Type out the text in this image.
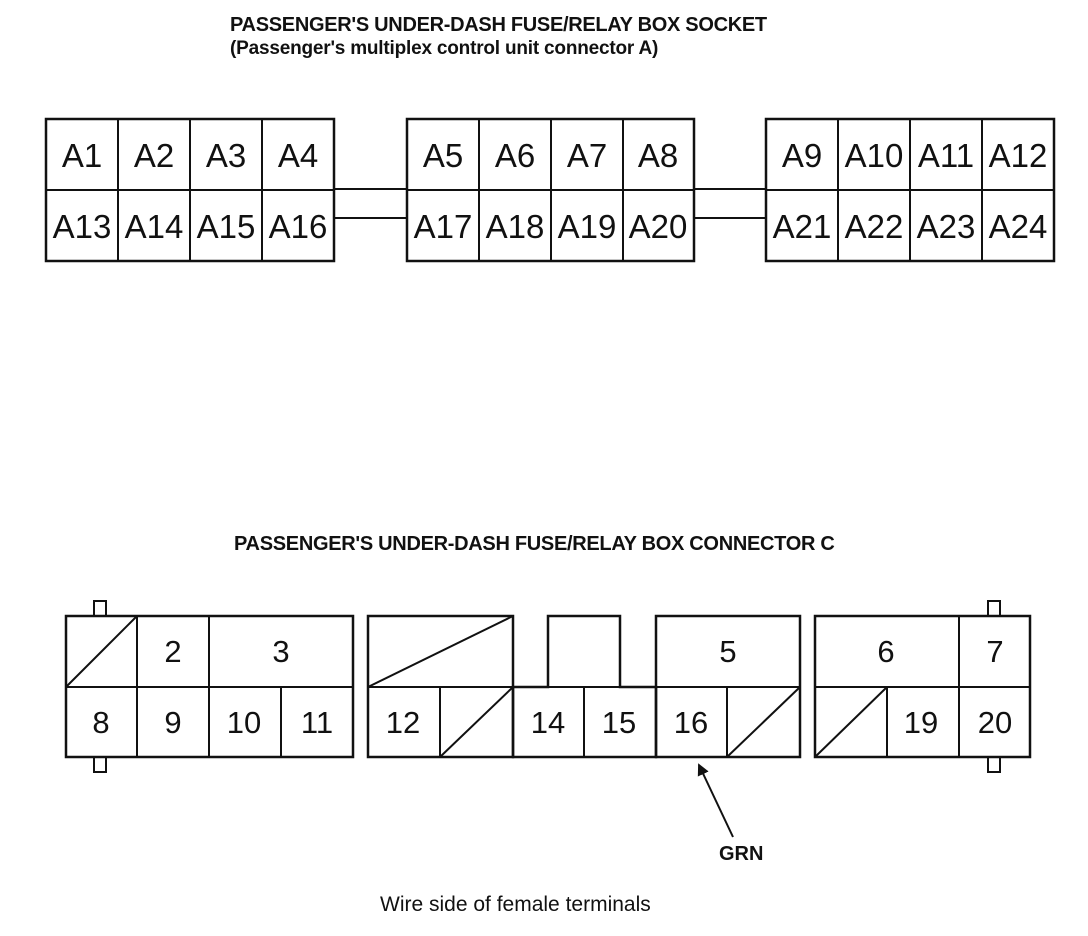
PASSENGER'S UNDER-DASH FUSE/RELAY BOX SOCKET
(Passenger's multiplex control unit connector A)
PASSENGER'S UNDER-DASH FUSE/RELAY BOX CONNECTOR C
GRN
Wire side of female terminals
A1 A2 A3 A4
A13 A14 A15 A16
A5 A6 A7 A8
A17 A18 A19 A20
A9 A10 A11 A12
A21 A22 A23 A24
2	3	5	6	7
8 9 10 11 12	14 15 16	19 20
